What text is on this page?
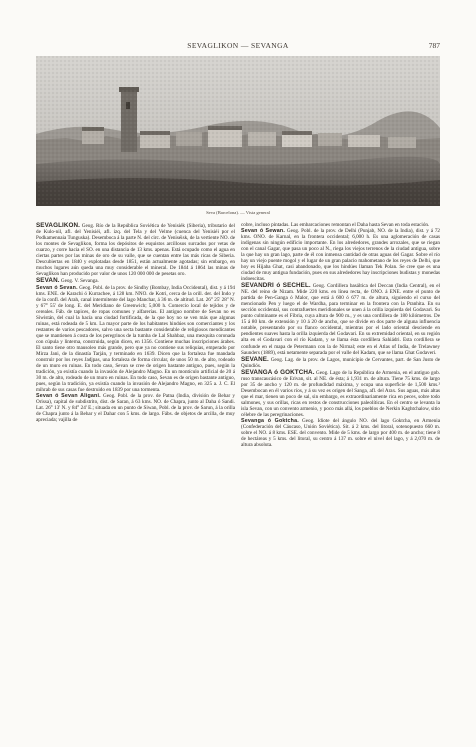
SEVAGLIKON — SEVANGA	787
Seva (Barcelona). — Vista general

SEVAGLIKON. Geog. Río de la República Soviética de Yenisiék (Siberia), tributario del de Kulo-nil, afl. del Yenisiéi, afl. izq. del Tela y del Velme (cuenca del Yenisiéi por el Podkamennaia Tunguska). Desemboca á la parte N. del circ. de Yeniséisk, de la vertiente NO. de los montes de Sevaglikon, forma los depósitos de esquistos arcillosos surcados por vetas de cuarzo, y corre hacia el SO. en una distancia de 13 kms. apenas. Está ocupado como el agua en ciertas partes por las minas de oro de su valle, que se cuentan entre las más ricas de Siberia. Descubiertas en 1840 y explotadas desde 1851, están actualmente agotadas; sin embargo, en muchos lugares aún queda una muy considerable el mineral. De 1844 á 1864 las minas de Sevaglikon han producido por valor de unos 120 000 000 de pesetas oro.

SEVAN. Geog. V. Sevanga.

Sevan ó Sevan. Geog. Pobl. de la prov. de Sindhy (Bombay, India Occidental), dist. y á 194 kms. ENE. de Karachi ó Kurrachee, á 128 km. NNO. de Kotri, cerca de la orill. der. del Indo y de la confl. del Arah, canal intermitente del lago Manchar, á 36 m. de altitud. Lat. 26° 25' 28'' N. y 67° 55' de long. E. del Meridiano de Greenwich; 5,000 h. Comercio local de tejidos y de cereales. Fáb. de tapices, de ropas comunes y alfarerías. El antiguo nombre de Sevan no es Siwistán, del cual la hacía una ciudad fortificada, de la que hoy no se ven más que algunas ruinas, está rodeada de 5 km. La mayor parte de los habitantes hindúes son comerciantes y los restantes de varios pescadores, salvo una secta bastante considerable de religiosos mendicantes que se mantienen á costa de los peregrinos de la tumba de Lal Shahbaz, una mezquita coronada con cúpula y linterna, construida, según dicen, en 1356. Contiene muchas inscripciones árabes. El santo tiene otro mausoleo más grande, pero que ya no contiene sus reliquias, emperado por Mirza Jani, de la dinastía Tarján, y terminado en 1639. Dicen que la fortaleza fue mandada construir por los reyes Jadjpas, una fortaleza de forma circular, de unos 50 m. de alto, rodeado de un muro en ruinas. En todo caso, Sevan se cree de origen bastante antiguo, pues, según la tradición, ya existía cuando la invasión de Alejandro Magno. En un montículo artificial de 20 á 30 m. de alto, rodeado de un muro en ruinas. En todo caso, Sevan es de origen bastante antiguo, pues, según la tradición, ya existía cuando la invasión de Alejandro Magno, en 325 a. J. C. El mihrab de sus casas fue destruido en 1839 por una tormenta.

Sevan ó Sevan Aligani. Geog. Pobl. de la prov. de Patna (India, división de Behar y Orissa), capital de subdistrito, dist. de Saran, á 63 kms. NO. de Chapra, junto al Daha ó Sandi. Lat. 26° 13' N. y 84° 24' E.; situada en un punto de Siwan, Pobl. de la prov. de Sarun, á la orilla de Chapra junto á la Behar y el Dahar con 5 kms. de largo. Fábs. de objetos de arcilla, de muy apreciada; vajilla de

cobre, incluso pintadas. Las embarcaciones remontan el Daha hasta Sevan en toda estación.

Sevan ó Sewan. Geog. Pobl. de la prov. de Delhi (Punjab, NO. de la India), dist. y á 72 kms. ONO. de Karnal, en la frontera occidental; 6,000 h. Es una aglomeración de casas indígenas sin ningún edificio importante. En los alrededores, grandes arrozales, que se riegan con el canal Gagar, que pasa un poco al N., riega los viejos terrenos de la ciudad antigua, sobre la que hay un gran lago, parte de él con inmensa cantidad de otras aguas del Gagar. Sobre el río hay un viejo puente mogol y el lugar de un gran palacio mahometano de los reyes de Delhi, que hoy es Hijaba Ghat, casi abandonado, que los hindúes llaman Tek Polan. Se cree que es una ciudad de muy antigua fundación, pues en sus alrededores hay inscripciones budistas y monedas indoescitas.

SEVANDRI ó SECHEL. Geog. Cordillera basáltica del Deccan (India Central), en el NE. del reino de Nizam. Mide 220 kms. en línea recta, de ONO. á ENE. entre el punto de partida de Pen-Ganga ó Malor, que está á 600 ó 677 m. de altura, siguiendo el curso del mencionado Pen y luego el de Wardha, para terminar en la frontera con la Pranhita. En su sección occidental, sus contrafuertes meridionales se unen á la orilla izquierda del Godavari. Su punto culminante es el Fíbria, cuya altura de 900 m., y es una cordillera de 180 kilómetros. De 15 á 80 km. de extensión y 10 á 20 de ancho, que se divide en dos parte de alguna influencia notable, presentando por su flanco occidental, mientras por el lado oriental desciende en pendientes suaves hasta la orilla izquierda del Godavari. En su extremidad oriental, en su región alta en el Godavari con el río Kadam, y se llama ésta cordillera Sahiádri. Esta cordillera se confunde en el mapa de Petermann con la de Nirmal; este en el Atlas of India, de Trelawney Saunders (1889), está netamente separada por el valle del Kadam, que se llama Ghat Godaveri.

SEVANE. Geog. Lag. de la prov. de Lagos, municipio de Cervantes, part. de San Justo de Quindiós.

SEVANGA ó GOKTCHA. Geog. Lago de la República de Armenia, en el antiguo gob. ruso transcaucásico de Erivan, sit. al NE. de ésta; á 1,931 m. de altura. Tiene 75 kms. de largo por 35 de ancho y 120 m. de profundidad máxima, y ocupa una superficie de 1,500 kms.² Desembocan en él varios ríos, y á su vez es origen del Sanga, afl. del Arax. Sus aguas, más altas que el mar, tienen un poco de sal, sin embargo, es extraordinariamente rica en peces, sobre todo salmones, y sus orillas, ricas en restos de construcciones paleolíticas. En el centro se levanta la isla Sevan, con un convento armenio, y poco más allá, los pueblos de Nerkin Kaghtchalow, sitio célebre de las peregrinaciones.

Sevanga ó Goktcha. Geog. Idiote del ángulo NO. del lago Goktcha, en Armenia (Confederación del Cáucaso, Unión Soviética). Sit. á 2 kms. del litoral, sotenopuesto 660 m. sobre el NO. á 8 kms. ESE. del convento. Mide de 5 kms. de largo por 400 m. de ancho; tiene 8 de hectáreas y 5 kms. del litoral, su centro á 137 m. sobre el nivel del lago, y á 2,070 m. de altura absoluta.
